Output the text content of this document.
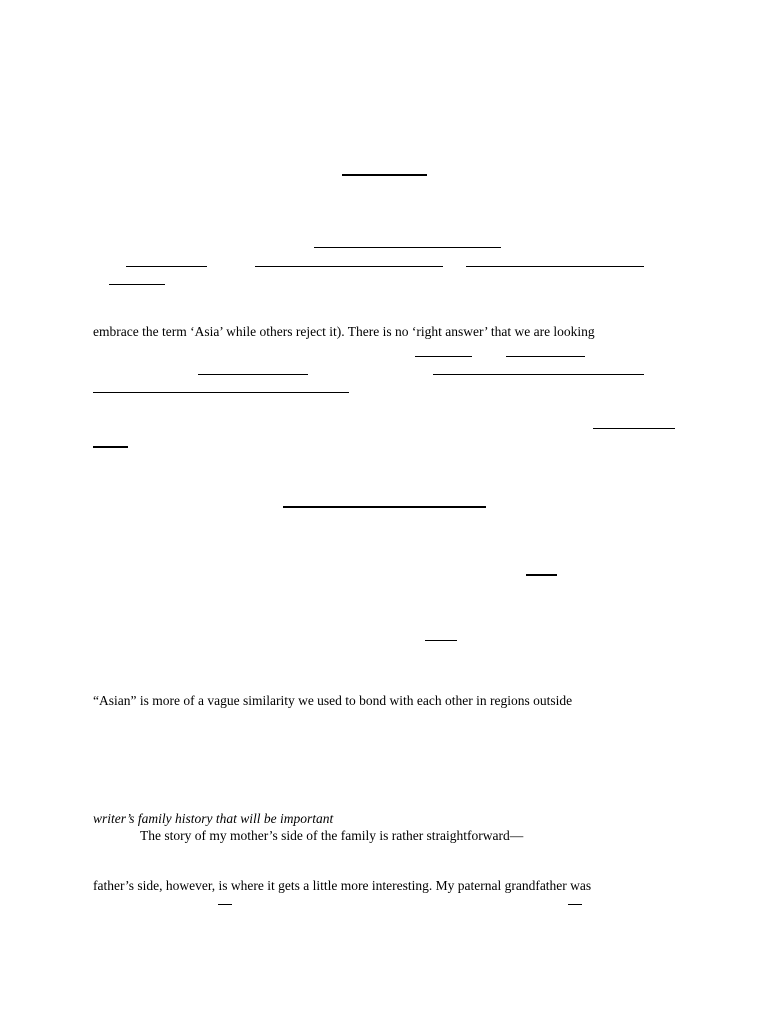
embrace the term ‘Asia’ while others reject it). There is no ‘right answer’ that we are looking
“Asian” is more of a vague similarity we used to bond with each other in regions outside
writer’s family history that will be important
The story of my mother’s side of the family is rather straightforward—
father’s side, however, is where it gets a little more interesting. My paternal grandfather was
